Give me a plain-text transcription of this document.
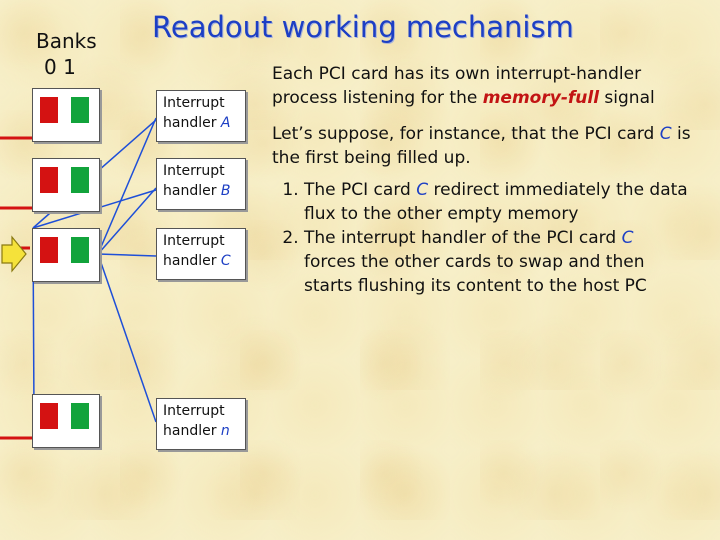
Banks
0 1
Readout working mechanism
Interrupt handler A
Interrupt handler B
Interrupt handler C
Interrupt handler n
Each PCI card has its own interrupt-handler process listening for the memory-full signal
Let’s suppose, for instance, that the PCI card C is the first being filled up.
1. The PCI card C redirect immediately the data flux to the other empty memory
2. The interrupt handler of the PCI card C forces the other cards to swap and then starts flushing its content to the host PC
